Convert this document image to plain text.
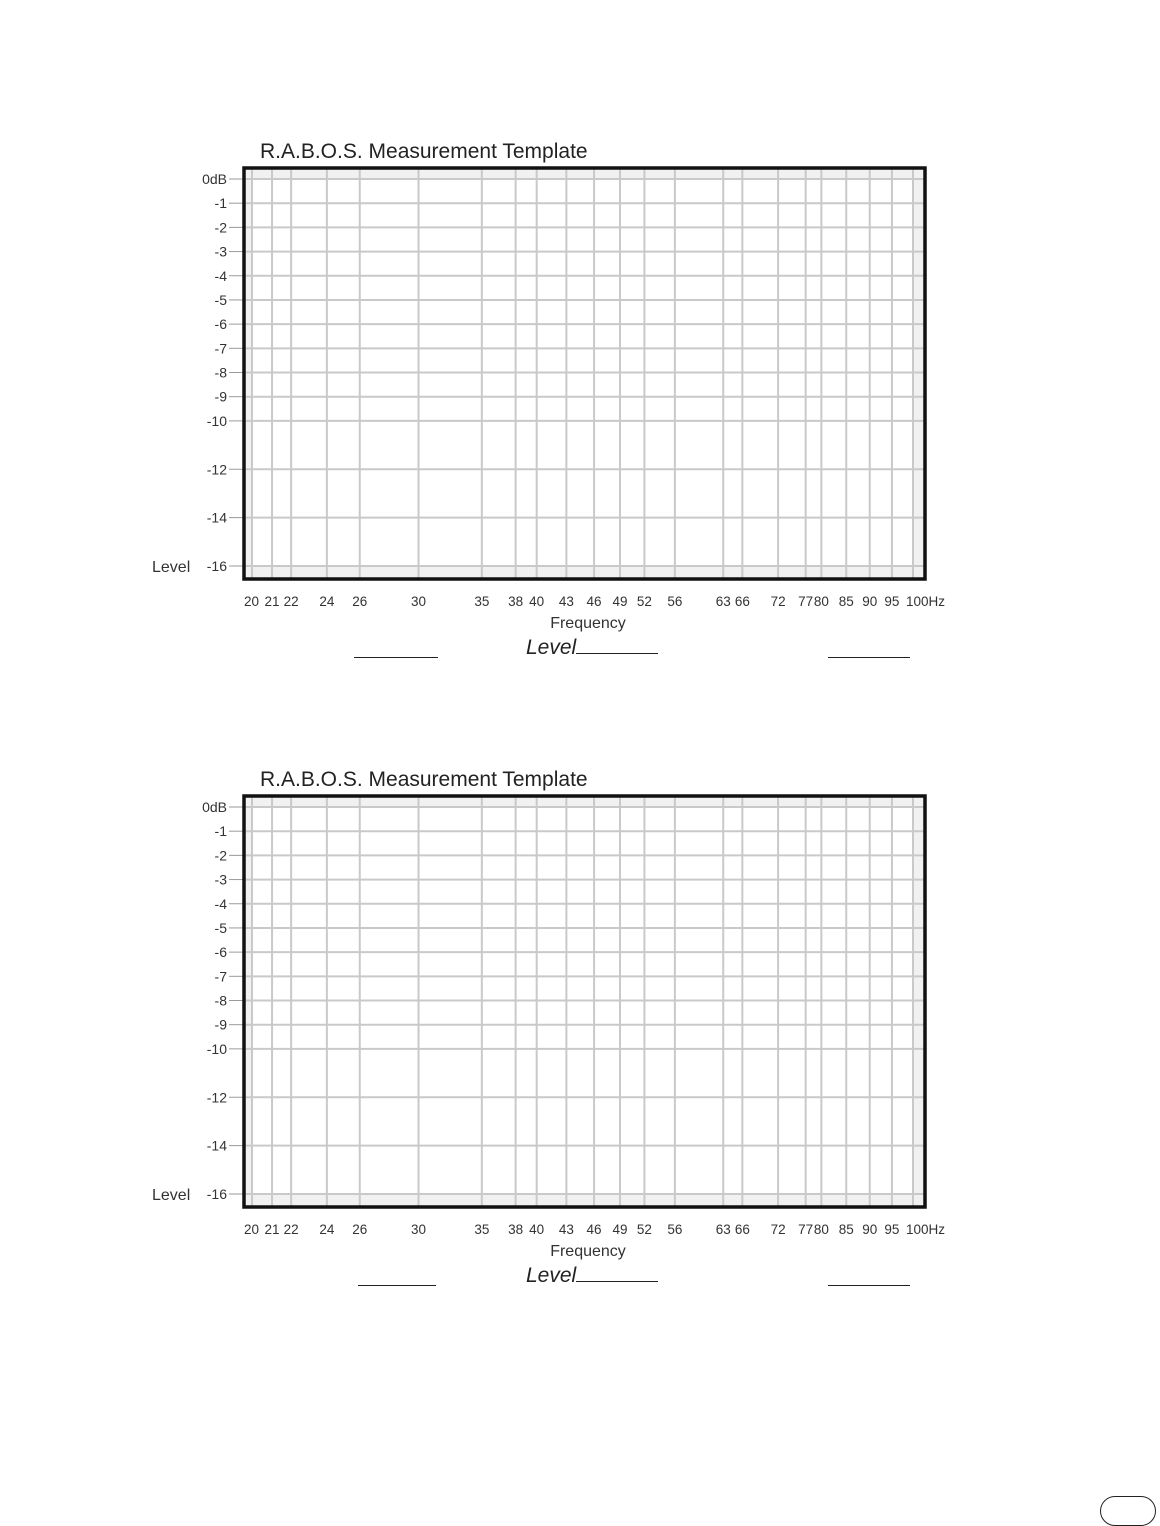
R.A.B.O.S. Measurement Template
0dB
-1
-2
-3
-4
-5
-6
-7
-8
-9
-10
-12
-14
-16
20 21 22 24 26	30	35 38 40 43 46 49 52 56 63 66 72 77 80 85 90 95 100Hz
Level
Frequency
Level
R.A.B.O.S. Measurement Template
0dB
-1
-2
-3
-4
-5
-6
-7
-8
-9
-10
-12
-14
-16
20 21 22 24 26	30	35 38 40 43 46 49 52 56 63 66 72 77 80 85 90 95 100Hz
Level
Frequency
Level
